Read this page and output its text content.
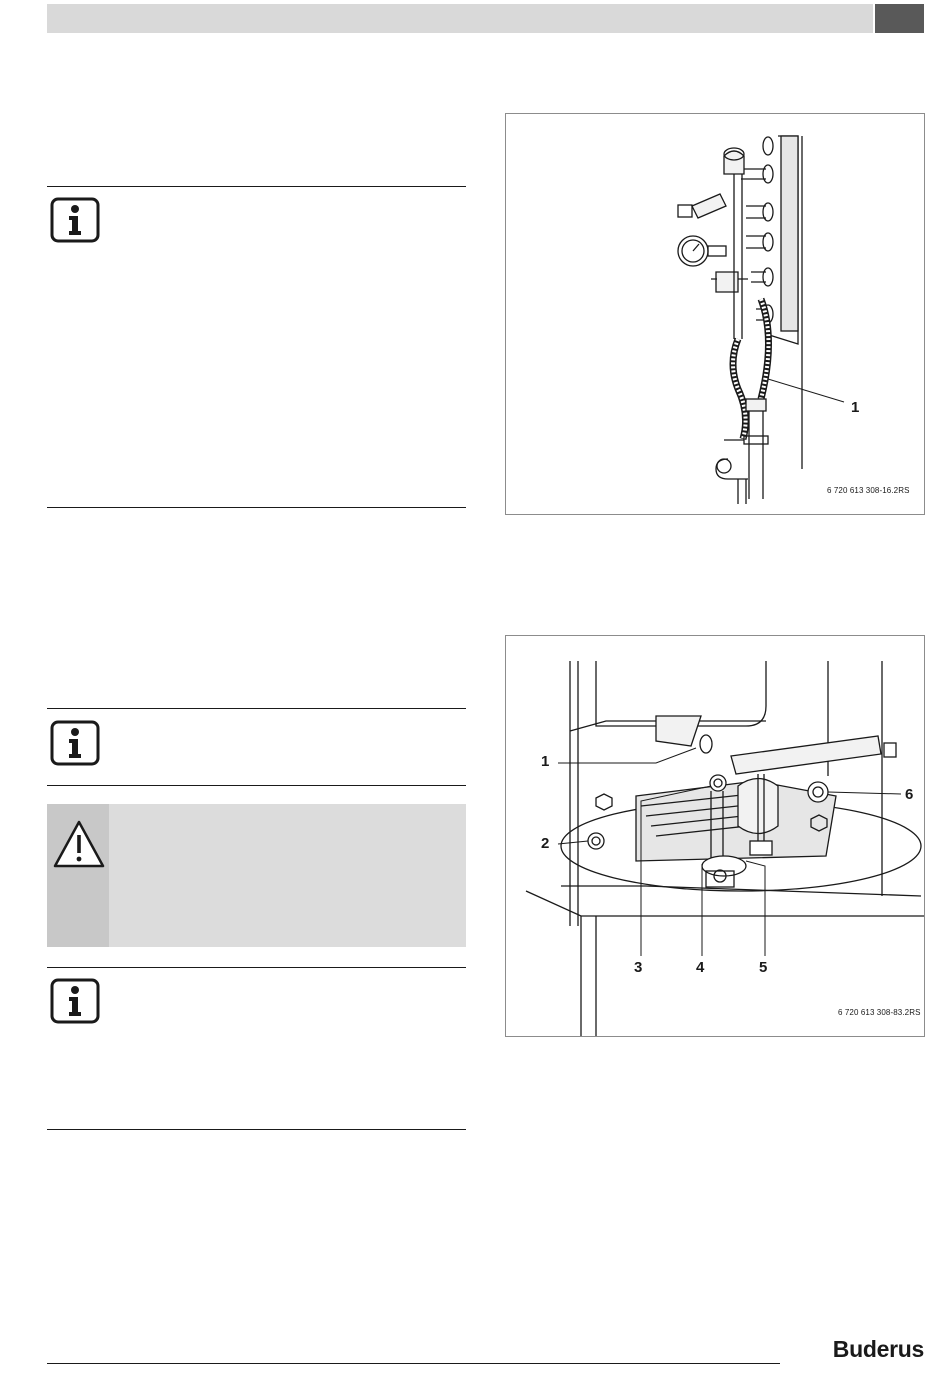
1
6 720 613 308-16.2RS
1
2
3	4	5
6
6 720 613 308-83.2RS
Buderus
